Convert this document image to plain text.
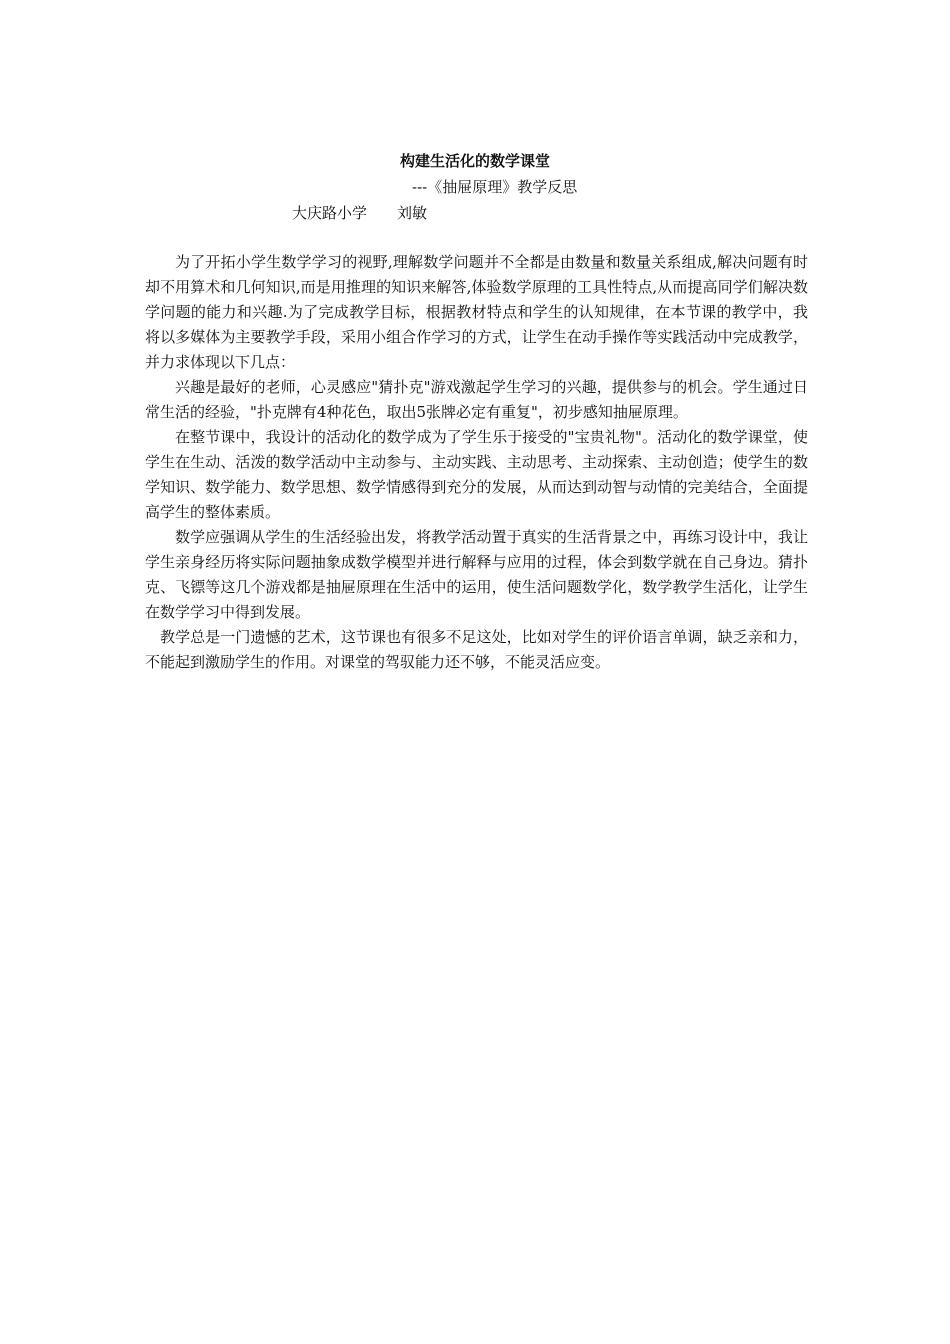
构建生活化的数学课堂
---《抽屉原理》教学反思
大庆路小学 刘敏

为了开拓小学生数学学习的视野,理解数学问题并不全都是由数量和数量关系组成,解决问题有时却不用算术和几何知识,而是用推理的知识来解答,体验数学原理的工具性特点,从而提高同学们解决数学问题的能力和兴趣.为了完成教学目标，根据教材特点和学生的认知规律，在本节课的教学中，我将以多媒体为主要教学手段，采用小组合作学习的方式，让学生在动手操作等实践活动中完成教学，并力求体现以下几点：

兴趣是最好的老师，心灵感应"猜扑克"游戏激起学生学习的兴趣，提供参与的机会。学生通过日常生活的经验，"扑克牌有4种花色，取出5张牌必定有重复"，初步感知抽屉原理。

在整节课中，我设计的活动化的数学成为了学生乐于接受的"宝贵礼物"。活动化的数学课堂，使学生在生动、活泼的数学活动中主动参与、主动实践、主动思考、主动探索、主动创造；使学生的数学知识、数学能力、数学思想、数学情感得到充分的发展，从而达到动智与动情的完美结合，全面提高学生的整体素质。

数学应强调从学生的生活经验出发，将教学活动置于真实的生活背景之中，再练习设计中，我让学生亲身经历将实际问题抽象成数学模型并进行解释与应用的过程，体会到数学就在自己身边。猜扑克、飞镖等这几个游戏都是抽屉原理在生活中的运用，使生活问题数学化，数学教学生活化，让学生在数学学习中得到发展。

教学总是一门遗憾的艺术，这节课也有很多不足这处，比如对学生的评价语言单调，缺乏亲和力，不能起到激励学生的作用。对课堂的驾驭能力还不够，不能灵活应变。
